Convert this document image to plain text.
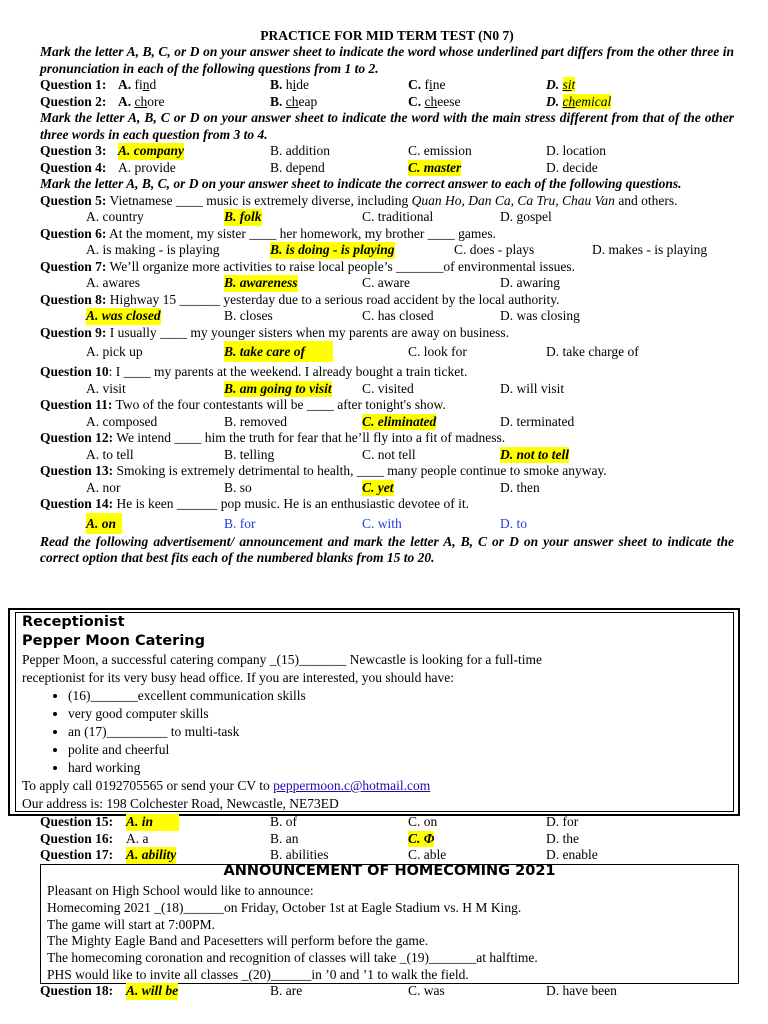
PRACTICE FOR MID TERM TEST (N0 7)
Mark the letter A, B, C, or D on your answer sheet to indicate the word whose underlined part differs from the other three in pronunciation in each of the following questions from 1 to 2.
Question 1: A. find	B. hide	C. fine	D. sit
Question 2: A. chore	B. cheap	C. cheese	D. chemical
Mark the letter A, B, C or D on your answer sheet to indicate the word with the main stress different from that of the other three words in each question from 3 to 4.
Question 3: A. company	B. addition	C. emission	D. location
Question 4: A. provide	B. depend	C. master	D. decide
Mark the letter A, B, C, or D on your answer sheet to indicate the correct answer to each of the following questions.
Question 5: Vietnamese ____ music is extremely diverse, including Quan Ho, Dan Ca, Ca Tru, Chau Van and others.
A. country	B. folk	C. traditional	D. gospel
Question 6: At the moment, my sister ____ her homework, my brother ____ games.
A. is making - is playing	B. is doing - is playing	C. does - plays	D. makes - is playing
Question 7: We’ll organize more activities to raise local people’s _______of environmental issues.
A. awares	B. awareness	C. aware	D. awaring
Question 8: Highway 15 ______ yesterday due to a serious road accident by the local authority.
A. was closed	B. closes	C. has closed	D. was closing
Question 9: I usually ____ my younger sisters when my parents are away on business.
A. pick up	B. take care of	C. look for	D. take charge of
Question 10: I ____ my parents at the weekend. I already bought a train ticket.
A. visit	B. am going to visit C. visited	D. will visit
Question 11: Two of the four contestants will be ____ after tonight's show.
A. composed	B. removed	C. eliminated	D. terminated
Question 12: We intend ____ him the truth for fear that he’ll fly into a fit of madness.
A. to tell	B. telling	C. not tell	D. not to tell
Question 13: Smoking is extremely detrimental to health, ____ many people continue to smoke anyway.
A. nor	B. so	C. yet	D. then
Question 14: He is keen ______ pop music. He is an enthusiastic devotee of it.
A. on	B. for	C. with	D. to
Read the following advertisement/ announcement and mark the letter A, B, C or D on your answer sheet to indicate the correct option that best fits each of the numbered blanks from 15 to 20.
Receptionist
Pepper Moon Catering

Pepper Moon, a successful catering company _(15)_______ Newcastle is looking for a full-time

receptionist for its very busy head office. If you are interested, you should have:

• (16)_______excellent communication skills
• very good computer skills
• an (17)_________ to multi-task
• polite and cheerful
• hard working

To apply call 0192705565 or send your CV to peppermoon.c@hotmail.com

Our address is: 198 Colchester Road, Newcastle, NE73ED

Question 15: A. in	B. of	C. on	D. for
Question 16: A. a	B. an	C. Φ	D. the
Question 17: A. ability	B. abilities	C. able	D. enable
ANNOUNCEMENT OF HOMECOMING 2021

Pleasant on High School would like to announce:

Homecoming 2021 _(18)______on Friday, October 1st at Eagle Stadium vs. H M King.

The game will start at 7:00PM.

The Mighty Eagle Band and Pacesetters will perform before the game.

The homecoming coronation and recognition of classes will take _(19)_______at halftime.

PHS would like to invite all classes _(20)______in ’0 and ’1 to walk the field.

Question 18: A. will be	B. are	C. was	D. have been
